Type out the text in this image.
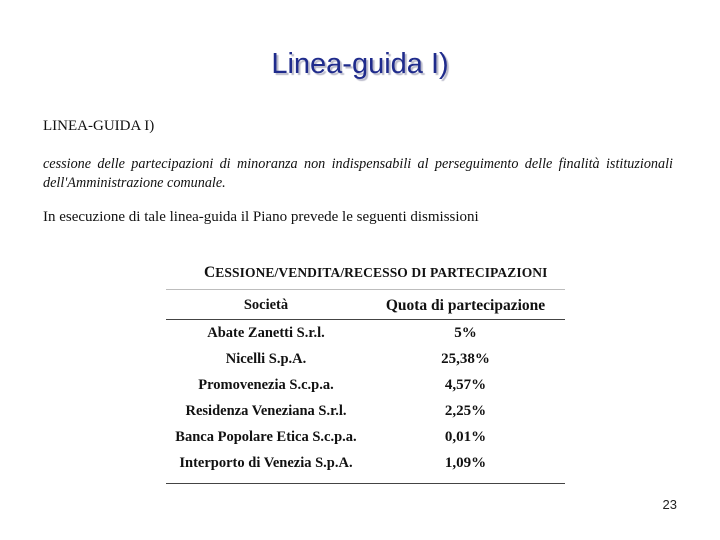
Linea-guida I)
LINEA-GUIDA I)
cessione delle partecipazioni di minoranza non indispensabili al perseguimento delle finalità istituzionali dell'Amministrazione comunale.
In esecuzione di tale linea-guida il Piano prevede le seguenti dismissioni
CESSIONE/VENDITA/RECESSO DI PARTECIPAZIONI
Società	Quota di partecipazione
Abate Zanetti S.r.l.	5%
Nicelli S.p.A.	25,38%
Promovenezia S.c.p.a.	4,57%
Residenza Veneziana S.r.l.	2,25%
Banca Popolare Etica S.c.p.a.	0,01%
Interporto di Venezia S.p.A.	1,09%
23
